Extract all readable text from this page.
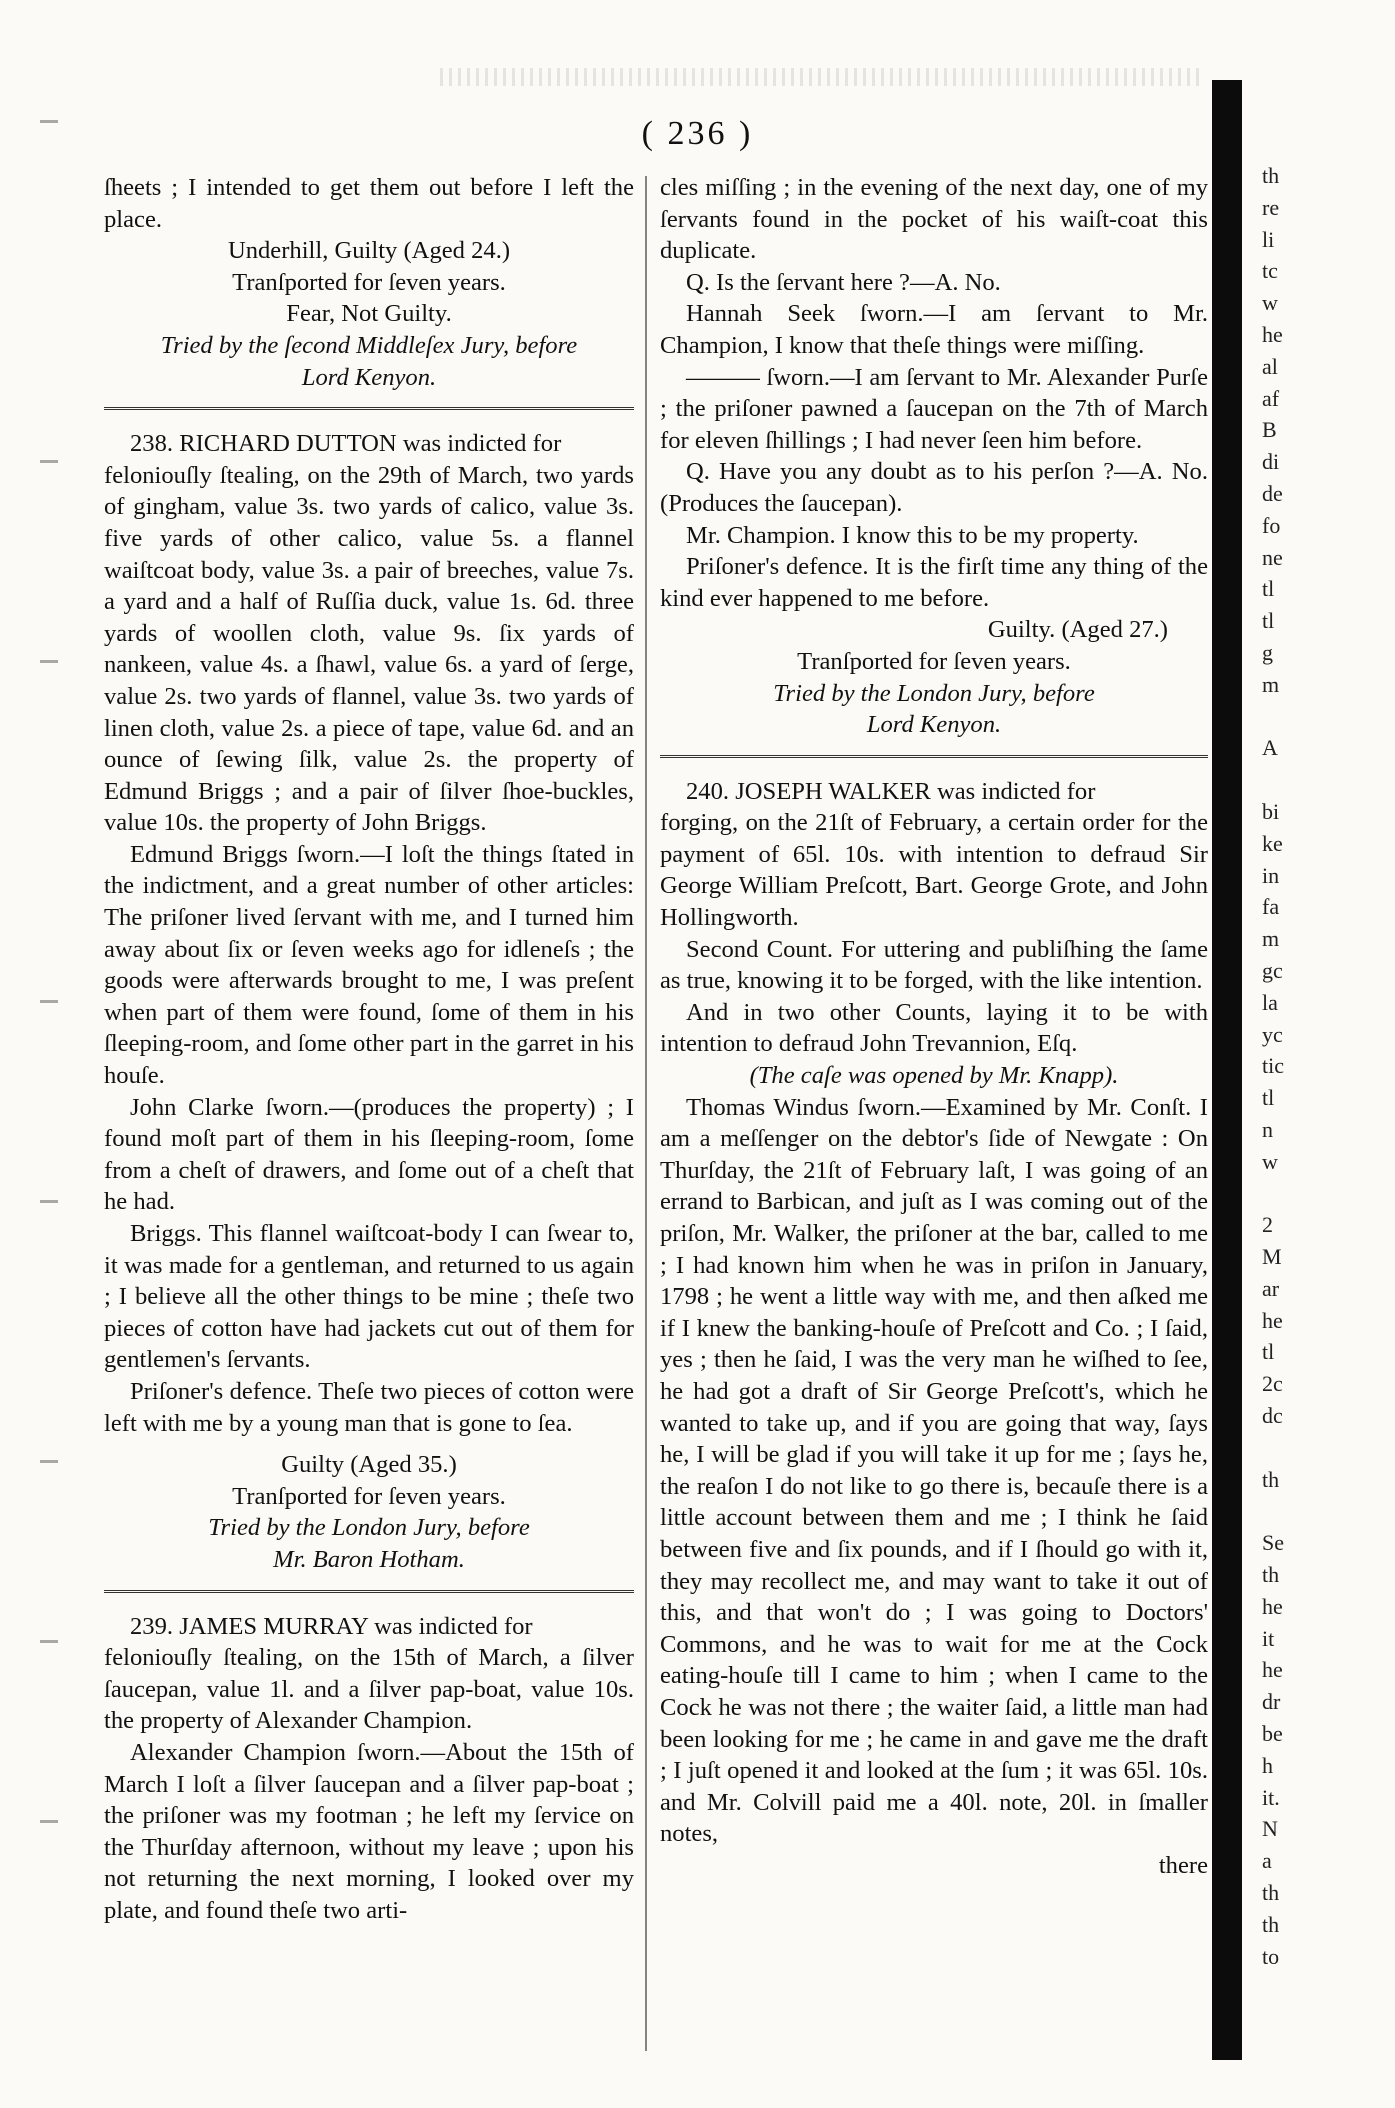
( 236 )

ſheets ; I intended to get them out before I left the

place.

Underhill, Guilty (Aged 24.)

Tranſported for ſeven years.

Fear, Not Guilty.

Tried by the ſecond Middleſex Jury, before

Lord Kenyon.

238. RICHARD DUTTON was indicted for

feloniouſly ſtealing, on the 29th of March, two yards of gingham, value 3s. two yards of calico, value 3s. five yards of other calico, value 5s. a flannel waiſtcoat body, value 3s. a pair of breeches, value 7s. a yard and a half of Ruſſia duck, value 1s. 6d. three yards of woollen cloth, value 9s. ſix yards of nankeen, value 4s. a ſhawl, value 6s. a yard of ſerge, value 2s. two yards of flannel, value 3s. two yards of linen cloth, value 2s. a piece of tape, value 6d. and an ounce of ſewing ſilk, value 2s. the property of Edmund Briggs ; and a pair of ſilver ſhoe-buckles, value 10s. the property of John Briggs.

Edmund Briggs ſworn.—I loſt the things ſtated in the indictment, and a great number of other articles: The priſoner lived ſervant with me, and I turned him away about ſix or ſeven weeks ago for idleneſs ; the goods were afterwards brought to me, I was preſent when part of them were found, ſome of them in his ſleeping-room, and ſome other part in the garret in his houſe.

John Clarke ſworn.—(produces the property) ; I found moſt part of them in his ſleeping-room, ſome from a cheſt of drawers, and ſome out of a cheſt that he had.

Briggs. This flannel waiſtcoat-body I can ſwear to, it was made for a gentleman, and returned to us again ; I believe all the other things to be mine ; theſe two pieces of cotton have had jackets cut out of them for gentlemen's ſervants.

Priſoner's defence. Theſe two pieces of cotton were left with me by a young man that is gone to ſea.

Guilty (Aged 35.)

Tranſported for ſeven years.

Tried by the London Jury, before

Mr. Baron Hotham.

239. JAMES MURRAY was indicted for

feloniouſly ſtealing, on the 15th of March, a ſilver ſaucepan, value 1l. and a ſilver pap-boat, value 10s. the property of Alexander Champion.

Alexander Champion ſworn.—About the 15th of March I loſt a ſilver ſaucepan and a ſilver pap-boat ; the priſoner was my footman ; he left my ſervice on the Thurſday afternoon, without my leave ; upon his not returning the next morning, I looked over my plate, and found theſe two arti-

cles miſſing ; in the evening of the next day, one of my ſervants found in the pocket of his waiſt-coat this duplicate.

Q. Is the ſervant here ?—A. No.

Hannah Seek ſworn.—I am ſervant to Mr. Champion, I know that theſe things were miſſing.

——— ſworn.—I am ſervant to Mr. Alexander Purſe ; the priſoner pawned a ſaucepan on the 7th of March for eleven ſhillings ; I had never ſeen him before.

Q. Have you any doubt as to his perſon ?—A. No. (Produces the ſaucepan).

Mr. Champion. I know this to be my property.

Priſoner's defence. It is the firſt time any thing of the kind ever happened to me before.

Guilty. (Aged 27.)

Tranſported for ſeven years.

Tried by the London Jury, before

Lord Kenyon.

240. JOSEPH WALKER was indicted for

forging, on the 21ſt of February, a certain order for the payment of 65l. 10s. with intention to defraud Sir George William Preſcott, Bart. George Grote, and John Hollingworth.

Second Count. For uttering and publiſhing the ſame as true, knowing it to be forged, with the like intention.

And in two other Counts, laying it to be with intention to defraud John Trevannion, Eſq.

(The caſe was opened by Mr. Knapp).

Thomas Windus ſworn.—Examined by Mr. Conſt. I am a meſſenger on the debtor's ſide of Newgate : On Thurſday, the 21ſt of February laſt, I was going of an errand to Barbican, and juſt as I was coming out of the priſon, Mr. Walker, the priſoner at the bar, called to me ; I had known him when he was in priſon in January, 1798 ; he went a little way with me, and then aſked me if I knew the banking-houſe of Preſcott and Co. ; I ſaid, yes ; then he ſaid, I was the very man he wiſhed to ſee, he had got a draft of Sir George Preſcott's, which he wanted to take up, and if you are going that way, ſays he, I will be glad if you will take it up for me ; ſays he, the reaſon I do not like to go there is, becauſe there is a little account between them and me ; I think he ſaid between five and ſix pounds, and if I ſhould go with it, they may recollect me, and may want to take it out of this, and that won't do ; I was going to Doctors' Commons, and he was to wait for me at the Cock eating-houſe till I came to him ; when I came to the Cock he was not there ; the waiter ſaid, a little man had been looking for me ; he came in and gave me the draft ; I juſt opened it and looked at the ſum ; it was 65l. 10s. and Mr. Colvill paid me a 40l. note, 20l. in ſmaller notes,

there

th
re
li
tc
w
he
al
af
B
di
de
fo
ne
tl
tl
g
m
A
bi
ke
in
fa
m
gc
la
yc
tic
tl
n
w
2
M
ar
he
tl
2c
dc
th
Se
th
he
it
he
dr
be
h
it.
N
a
th
th
to
